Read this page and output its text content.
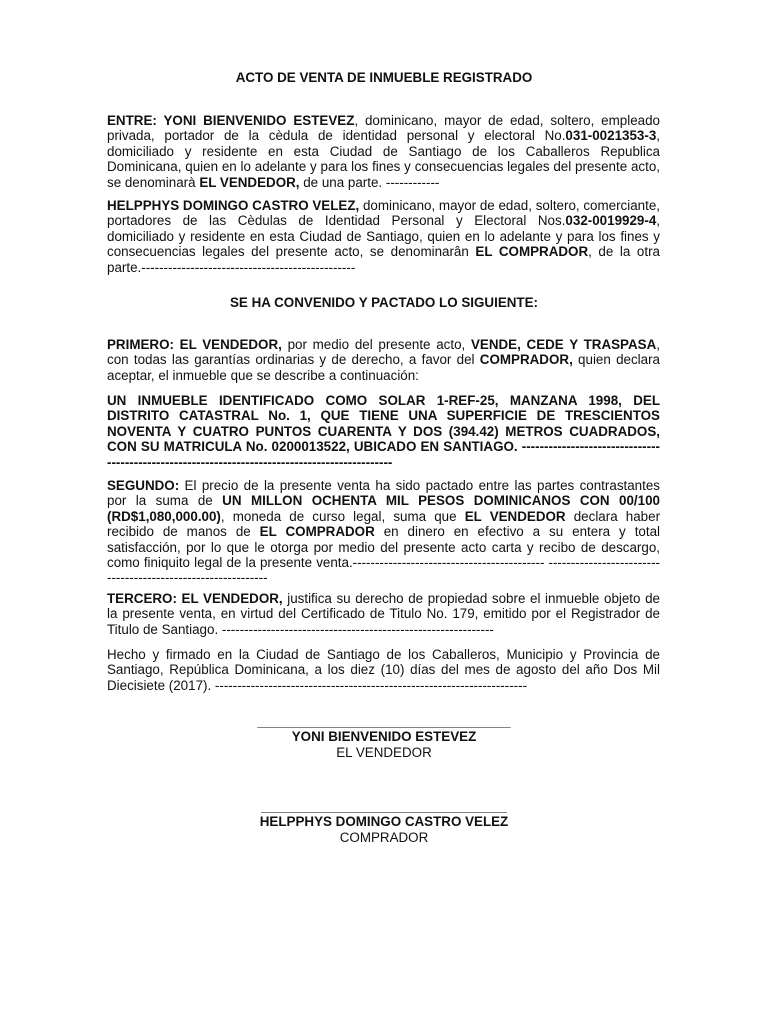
ACTO DE VENTA DE INMUEBLE REGISTRADO

ENTRE: YONI BIENVENIDO ESTEVEZ, dominicano, mayor de edad, soltero, empleado privada, portador de la cèdula de identidad personal y electoral No.031-0021353-3, domiciliado y residente en esta Ciudad de Santiago de los Caballeros Republica Dominicana, quien en lo adelante y para los fines y consecuencias legales del presente acto, se denominarà EL VENDEDOR, de una parte. ------------

HELPPHYS DOMINGO CASTRO VELEZ, dominicano, mayor de edad, soltero, comerciante, portadores de las Cèdulas de Identidad Personal y Electoral Nos.032-0019929-4, domiciliado y residente en esta Ciudad de Santiago, quien en lo adelante y para los fines y consecuencias legales del presente acto, se denominarân EL COMPRADOR, de la otra parte.------------------------------------------------

SE HA CONVENIDO Y PACTADO LO SIGUIENTE:

PRIMERO: EL VENDEDOR, por medio del presente acto, VENDE, CEDE Y TRASPASA, con todas las garantías ordinarias y de derecho, a favor del COMPRADOR, quien declara aceptar, el inmueble que se describe a continuación:

UN INMUEBLE IDENTIFICADO COMO SOLAR 1-REF-25, MANZANA 1998, DEL DISTRITO CATASTRAL No. 1, QUE TIENE UNA SUPERFICIE DE TRESCIENTOS NOVENTA Y CUATRO PUNTOS CUARENTA Y DOS (394.42) METROS CUADRADOS, CON SU MATRICULA No. 0200013522, UBICADO EN SANTIAGO. -----------------------------------------------------------------------------------------------

SEGUNDO: El precio de la presente venta ha sido pactado entre las partes contrastantes por la suma de UN MILLON OCHENTA MIL PESOS DOMINICANOS CON 00/100 (RD$1,080,000.00), moneda de curso legal, suma que EL VENDEDOR declara haber recibido de manos de EL COMPRADOR en dinero en efectivo a su entera y total satisfacción, por lo que le otorga por medio del presente acto carta y recibo de descargo, como finiquito legal de la presente venta.------------------------------------------- -------------------------------------------------------------

TERCERO: EL VENDEDOR, justifica su derecho de propiedad sobre el inmueble objeto de la presente venta, en virtud del Certificado de Titulo No. 179, emitido por el Registrador de Titulo de Santiago. -------------------------------------------------------------

Hecho y firmado en la Ciudad de Santiago de los Caballeros, Municipio y Provincia de Santiago, República Dominicana, a los diez (10) días del mes de agosto del año Dos Mil Diecisiete (2017). ----------------------------------------------------------------------

__________________________________
YONI BIENVENIDO ESTEVEZ
EL VENDEDOR
_________________________________
HELPPHYS DOMINGO CASTRO VELEZ
COMPRADOR
